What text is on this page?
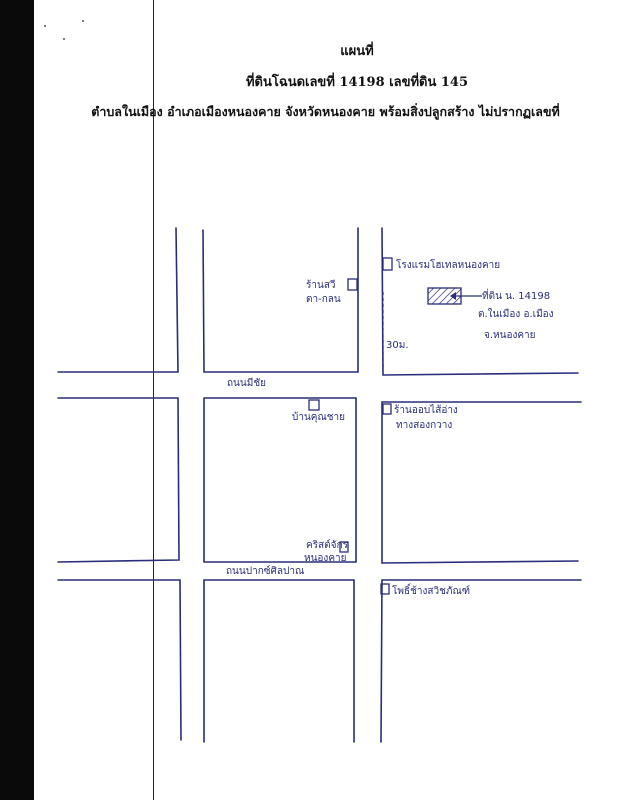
แผนที่
ที่ดินโฉนดเลขที่ 14198 เลขที่ดิน 145
ตำบลในเมือง อำเภอเมืองหนองคาย จังหวัดหนองคาย พร้อมสิ่งปลูกสร้าง ไม่ปรากฏเลขที่
30ม.
โรงแรมโฮเทลหนองคาย
ที่ดิน น. 14198
ต.ในเมือง อ.เมือง
จ.หนองคาย
ร้านสวี
ตา-กลน
ถนนมีชัย
บ้านคุณชาย
ร้านออบไส้อ่าง
ทางสองกวาง
คริสต์จักร
หนองคาย
ถนนปากซ์ศิลปาณ
โพธิ์ช้างสวิชภัณฑ์
